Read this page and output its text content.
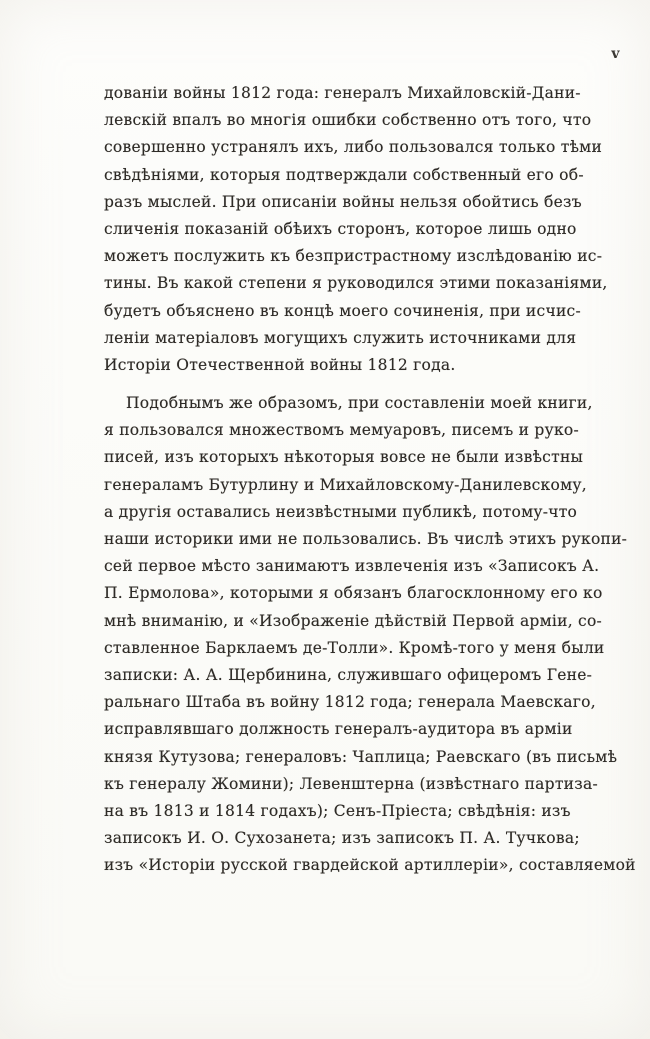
v
дованіи войны 1812 года: генералъ Михайловскій-Дани-
левскій впалъ во многія ошибки собственно отъ того, что
совершенно устранялъ ихъ, либо пользовался только тѣми
свѣдѣніями, которыя подтверждали собственный его об-
разъ мыслей. При описаніи войны нельзя обойтись безъ
сличенія показаній обѣихъ сторонъ, которое лишь одно
можетъ послужить къ безпристрастному изслѣдованію ис-
тины. Въ какой степени я руководился этими показаніями,
будетъ объяснено въ концѣ моего сочиненія, при исчис-
леніи матеріаловъ могущихъ служить источниками для
Исторіи Отечественной войны 1812 года.
Подобнымъ же образомъ, при составленіи моей книги,
я пользовался множествомъ мемуаровъ, писемъ и руко-
писей, изъ которыхъ нѣкоторыя вовсе не были извѣстны
генераламъ Бутурлину и Михайловскому-Данилевскому,
а другія оставались неизвѣстными публикѣ, потому-что
наши историки ими не пользовались. Въ числѣ этихъ рукопи-
сей первое мѣсто занимаютъ извлеченія изъ «Записокъ А.
П. Ермолова», которыми я обязанъ благосклонному его ко
мнѣ вниманію, и «Изображеніе дѣйствій Первой арміи, со-
ставленное Барклаемъ де-Толли». Кромѣ-того у меня были
записки: А. А. Щербинина, служившаго офицеромъ Гене-
ральнаго Штаба въ войну 1812 года; генерала Маевскаго,
исправлявшаго должность генералъ-аудитора въ арміи
князя Кутузова; генераловъ: Чаплица; Раевскаго (въ письмѣ
къ генералу Жомини); Левенштерна (извѣстнаго партиза-
на въ 1813 и 1814 годахъ); Сенъ-Пріеста; свѣдѣнія: изъ
записокъ И. О. Сухозанета; изъ записокъ П. А. Тучкова;
изъ «Исторіи русской гвардейской артиллеріи», составляемой
